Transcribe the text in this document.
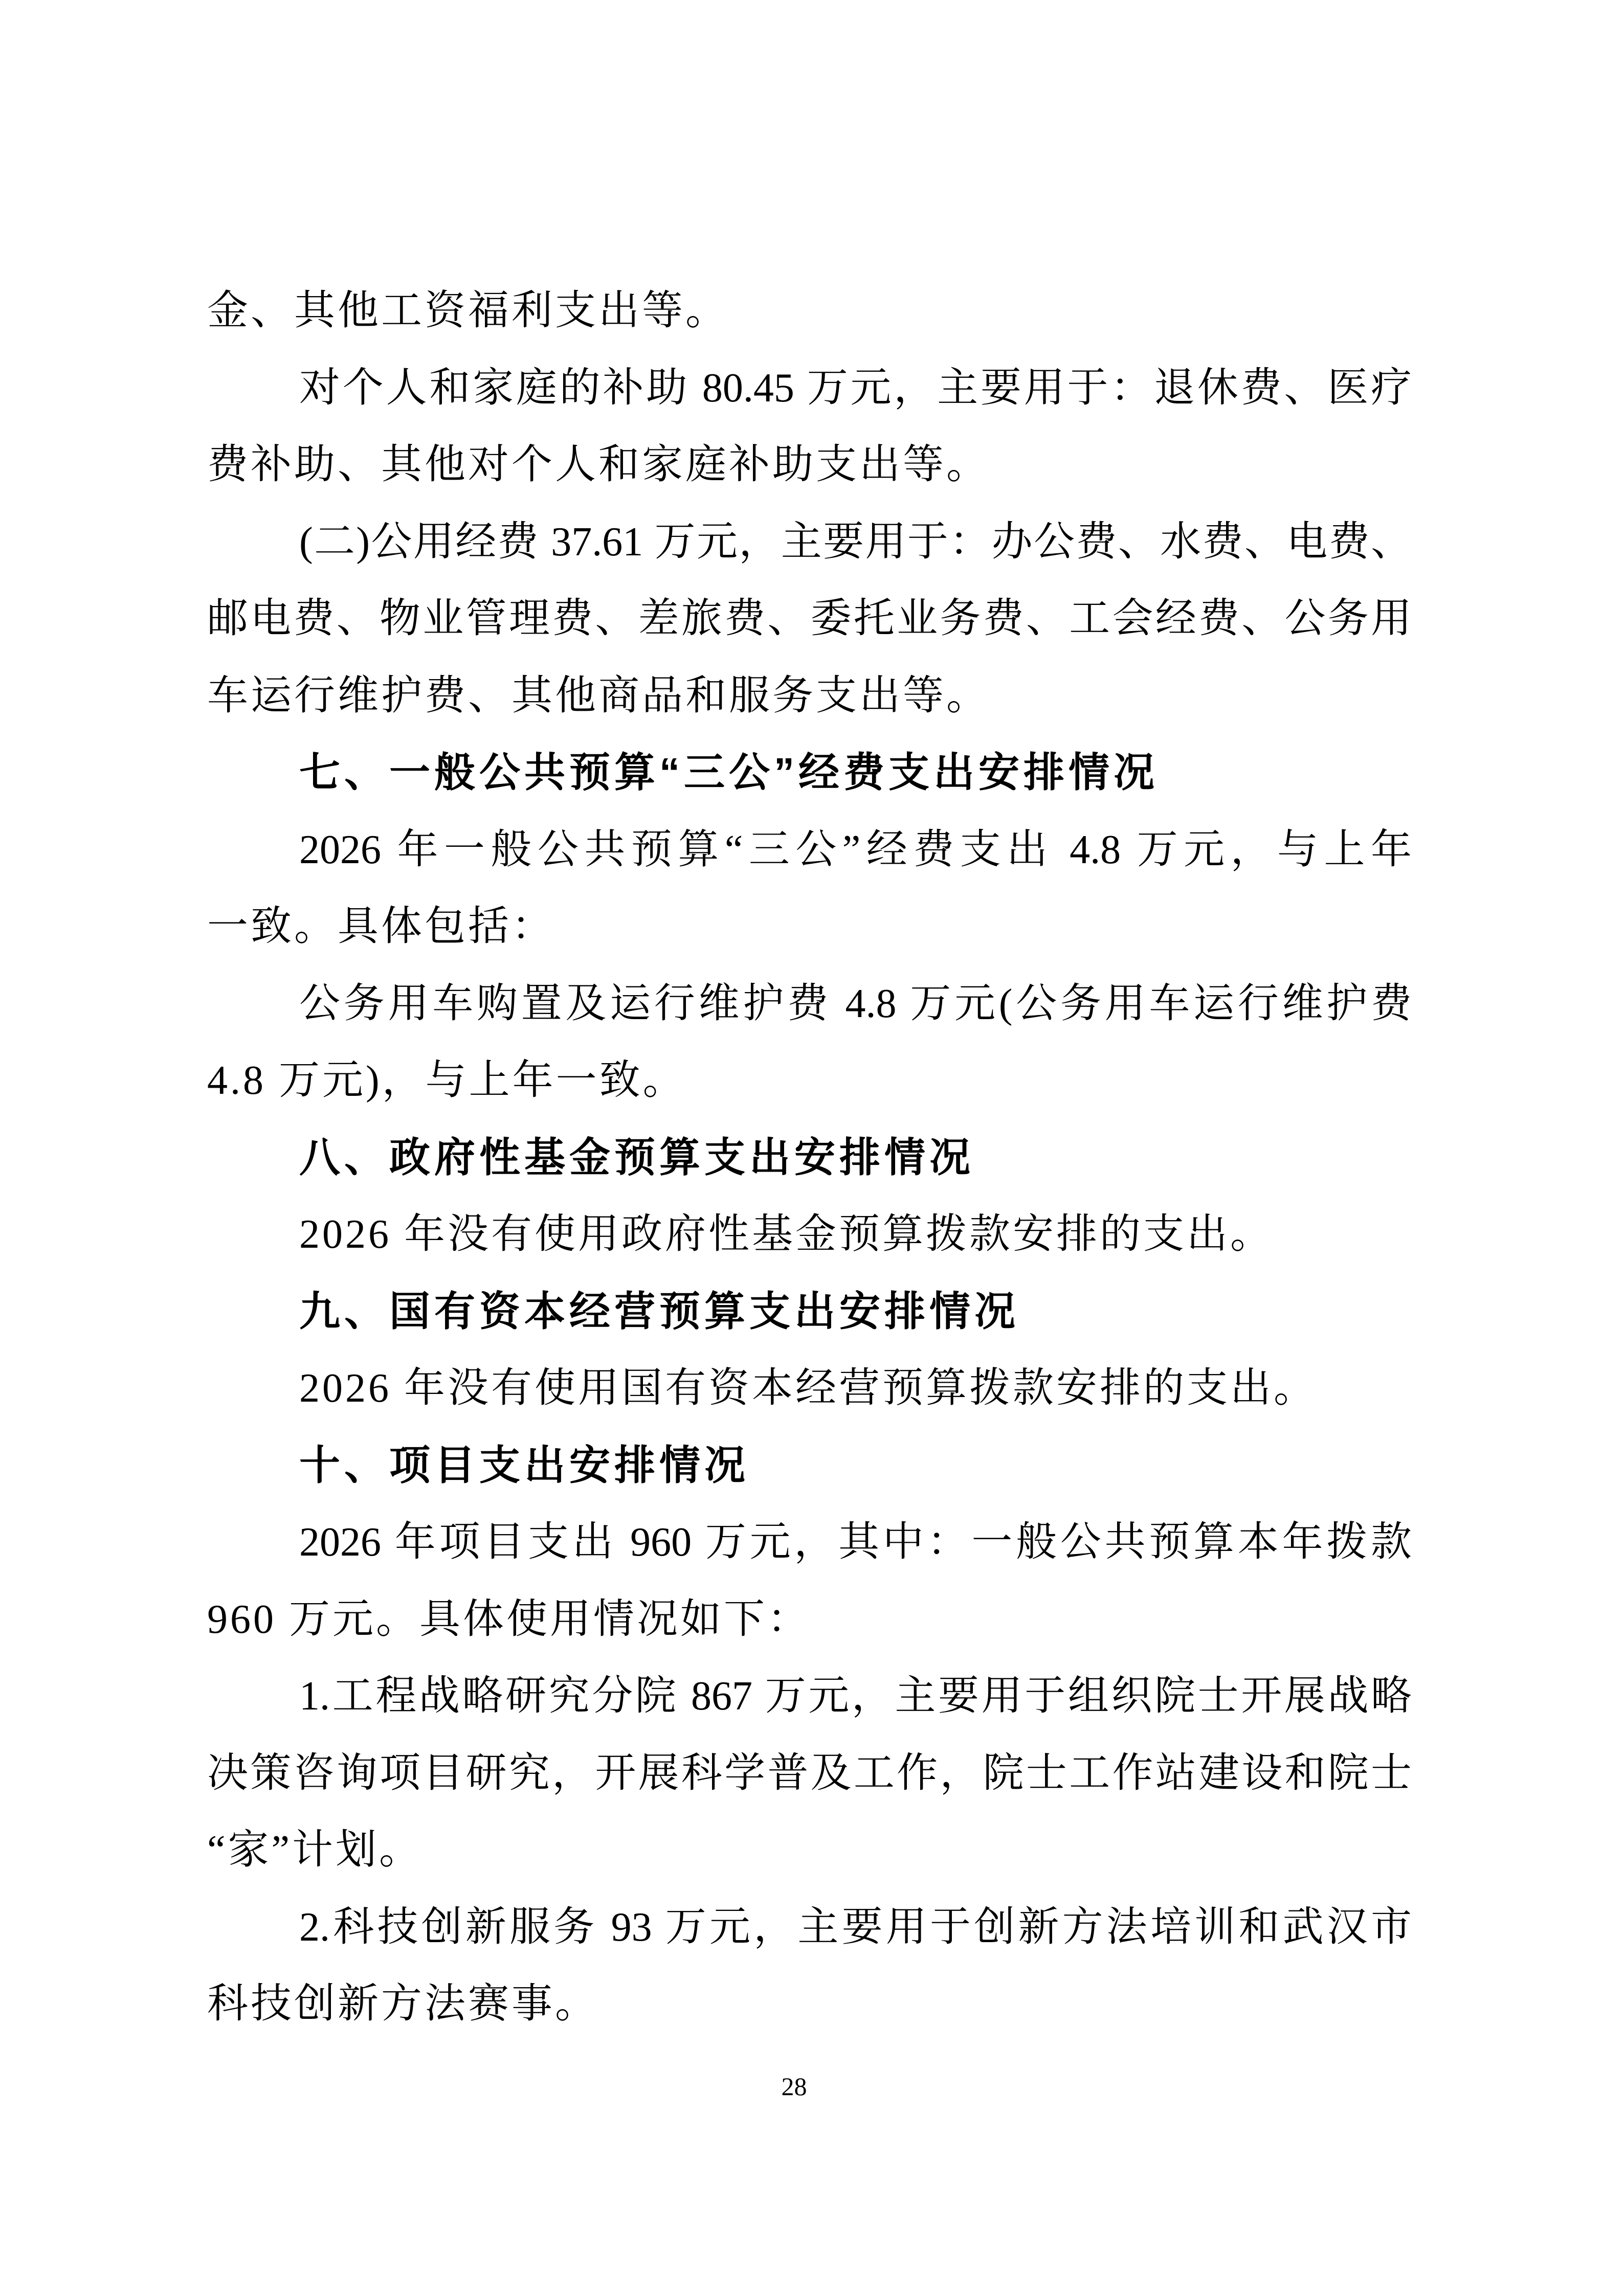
金、其他工资福利支出等。
对个人和家庭的补助 80.45 万元，主要用于：退休费、医疗
费补助、其他对个人和家庭补助支出等。
(二)公用经费 37.61 万元，主要用于：办公费、水费、电费、
邮电费、物业管理费、差旅费、委托业务费、工会经费、公务用
车运行维护费、其他商品和服务支出等。
七、一般公共预算“三公”经费支出安排情况
2026 年一般公共预算“三公”经费支出 4.8 万元，与上年
一致。具体包括：
公务用车购置及运行维护费 4.8 万元(公务用车运行维护费
4.8 万元)，与上年一致。
八、政府性基金预算支出安排情况
2026 年没有使用政府性基金预算拨款安排的支出。
九、国有资本经营预算支出安排情况
2026 年没有使用国有资本经营预算拨款安排的支出。
十、项目支出安排情况
2026 年项目支出 960 万元，其中：一般公共预算本年拨款
960 万元。具体使用情况如下：
1.工程战略研究分院 867 万元，主要用于组织院士开展战略
决策咨询项目研究，开展科学普及工作，院士工作站建设和院士
“家”计划。
2.科技创新服务 93 万元，主要用于创新方法培训和武汉市
科技创新方法赛事。
28
